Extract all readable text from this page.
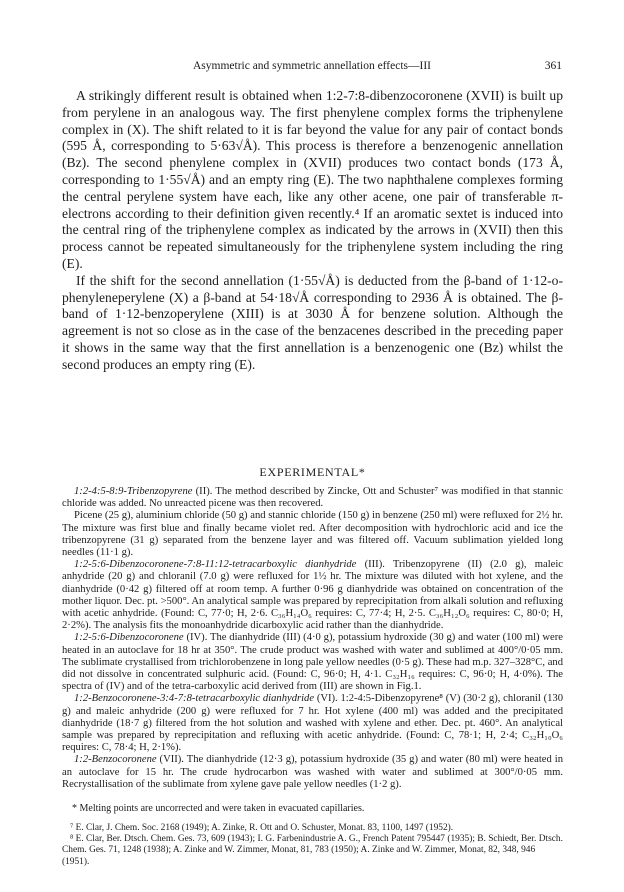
Asymmetric and symmetric annellation effects—III	361

A strikingly different result is obtained when 1:2-7:8-dibenzocoronene (XVII) is built up from perylene in an analogous way. The first phenylene complex forms the triphenylene complex in (X). The shift related to it is far beyond the value for any pair of contact bonds (595 Å, corresponding to 5·63√Å). This process is therefore a benzenogenic annellation (Bz). The second phenylene complex in (XVII) produces two contact bonds (173 Å, corresponding to 1·55√Å) and an empty ring (E). The two naphthalene complexes forming the central perylene system have each, like any other acene, one pair of transferable π-electrons according to their definition given recently.⁴ If an aromatic sextet is induced into the central ring of the triphenylene complex as indicated by the arrows in (XVII) then this process cannot be repeated simultaneously for the triphenylene system including the ring (E).

If the shift for the second annellation (1·55√Å) is deducted from the β-band of 1·12-o-phenyleneperylene (X) a β-band at 54·18√Å corresponding to 2936 Å is obtained. The β-band of 1·12-benzoperylene (XIII) is at 3030 Å for benzene solution. Although the agreement is not so close as in the case of the benzacenes described in the preceding paper it shows in the same way that the first annellation is a benzenogenic one (Bz) whilst the second produces an empty ring (E).

EXPERIMENTAL*

1:2-4:5-8:9-Tribenzopyrene (II). The method described by Zincke, Ott and Schuster⁷ was modified in that stannic chloride was added. No unreacted picene was then recovered.

Picene (25 g), aluminium chloride (50 g) and stannic chloride (150 g) in benzene (250 ml) were refluxed for 2½ hr. The mixture was first blue and finally became violet red. After decomposition with hydrochloric acid and ice the tribenzopyrene (31 g) separated from the benzene layer and was filtered off. Vacuum sublimation yielded long needles (11·1 g).

1:2-5:6-Dibenzocoronene-7:8-11:12-tetracarboxylic dianhydride (III). Tribenzopyrene (II) (2.0 g), maleic anhydride (20 g) and chloranil (7.0 g) were refluxed for 1½ hr. The mixture was diluted with hot xylene, and the dianhydride (0·42 g) filtered off at room temp. A further 0·96 g dianhydride was obtained on concentration of the mother liquor. Dec. pt. >500°. An analytical sample was prepared by reprecipitation from alkali solution and refluxing with acetic anhydride. (Found: C, 77·0; H, 2·6. C₃₆H₁₄O₆ requires: C, 77·4; H, 2·5. C₃₆H₁₂O₆ requires: C, 80·0; H, 2·2%). The analysis fits the monoanhydride dicarboxylic acid rather than the dianhydride.

1:2-5:6-Dibenzocoronene (IV). The dianhydride (III) (4·0 g), potassium hydroxide (30 g) and water (100 ml) were heated in an autoclave for 18 hr at 350°. The crude product was washed with water and sublimed at 400°/0·05 mm. The sublimate crystallised from trichlorobenzene in long pale yellow needles (0·5 g). These had m.p. 327–328°C, and did not dissolve in concentrated sulphuric acid. (Found: C, 96·0; H, 4·1. C₃₂H₁₆ requires: C, 96·0; H, 4·0%). The spectra of (IV) and of the tetra-carboxylic acid derived from (III) are shown in Fig.1.

1:2-Benzocoronene-3:4-7:8-tetracarboxylic dianhydride (VI). 1:2-4:5-Dibenzopyrene⁸ (V) (30·2 g), chloranil (130 g) and maleic anhydride (200 g) were refluxed for 7 hr. Hot xylene (400 ml) was added and the precipitated dianhydride (18·7 g) filtered from the hot solution and washed with xylene and ether. Dec. pt. 460°. An analytical sample was prepared by reprecipitation and refluxing with acetic anhydride. (Found: C, 78·1; H, 2·4; C₃₂H₁₀O₆ requires: C, 78·4; H, 2·1%).

1:2-Benzocoronene (VII). The dianhydride (12·3 g), potassium hydroxide (35 g) and water (80 ml) were heated in an autoclave for 15 hr. The crude hydrocarbon was washed with water and sublimed at 300°/0·05 mm. Recrystallisation of the sublimate from xylene gave pale yellow needles (1·2 g).

* Melting points are uncorrected and were taken in evacuated capillaries.

⁷ E. Clar, J. Chem. Soc. 2168 (1949); A. Zinke, R. Ott and O. Schuster, Monat. 83, 1100, 1497 (1952).

⁸ E. Clar, Ber. Dtsch. Chem. Ges. 73, 609 (1943); I. G. Farbenindustrie A. G., French Patent 795447 (1935); B. Schiedt, Ber. Dtsch. Chem. Ges. 71, 1248 (1938); A. Zinke and W. Zimmer, Monat, 81, 783 (1950); A. Zinke and W. Zimmer, Monat, 82, 348, 946 (1951).
